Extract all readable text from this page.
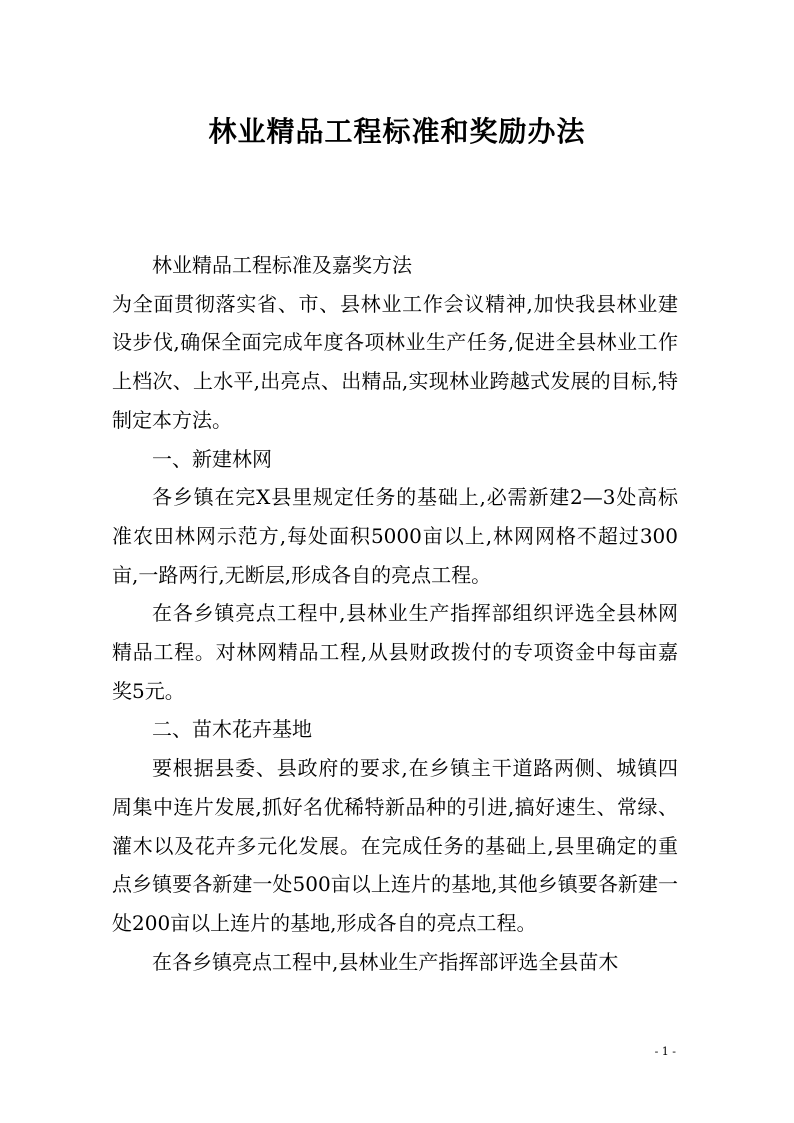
林业精品工程标准和奖励办法

林业精品工程标准及嘉奖方法

为全面贯彻落实省、市、县林业工作会议精神,加快我县林业建设步伐,确保全面完成年度各项林业生产任务,促进全县林业工作上档次、上水平,出亮点、出精品,实现林业跨越式发展的目标,特制定本方法。

一、新建林网

各乡镇在完X县里规定任务的基础上,必需新建2—3处高标准农田林网示范方,每处面积5000亩以上,林网网格不超过300亩,一路两行,无断层,形成各自的亮点工程。

在各乡镇亮点工程中,县林业生产指挥部组织评选全县林网精品工程。对林网精品工程,从县财政拨付的专项资金中每亩嘉奖5元。

二、苗木花卉基地

要根据县委、县政府的要求,在乡镇主干道路两侧、城镇四周集中连片发展,抓好名优稀特新品种的引进,搞好速生、常绿、灌木以及花卉多元化发展。在完成任务的基础上,县里确定的重点乡镇要各新建一处500亩以上连片的基地,其他乡镇要各新建一处200亩以上连片的基地,形成各自的亮点工程。

在各乡镇亮点工程中,县林业生产指挥部评选全县苗木

- 1 -
